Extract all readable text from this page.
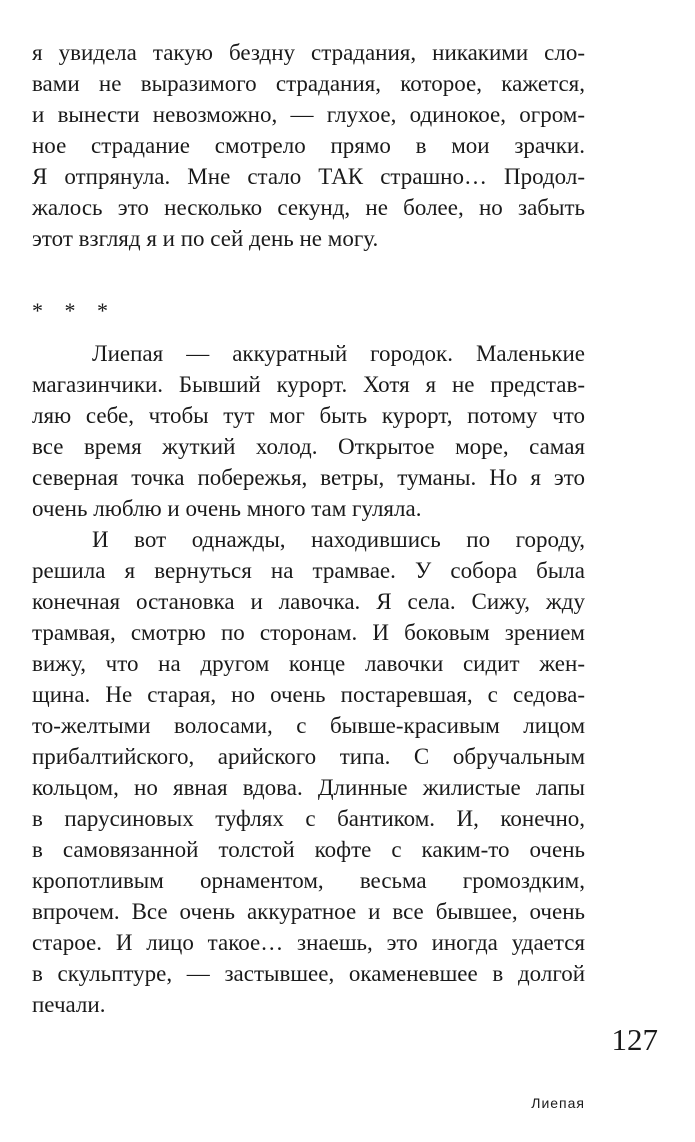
я увидела такую бездну страдания, никакими сло-
вами не выразимого страдания, которое, кажется,
и вынести невозможно, — глухое, одинокое, огром-
ное страдание смотрело прямо в мои зрачки.
Я отпрянула. Мне стало ТАК страшно… Продол-
жалось это несколько секунд, не более, но забыть
этот взгляд я и по сей день не могу.
* * *
Лиепая — аккуратный городок. Маленькие
магазинчики. Бывший курорт. Хотя я не представ-
ляю себе, чтобы тут мог быть курорт, потому что
все время жуткий холод. Открытое море, самая
северная точка побережья, ветры, туманы. Но я это
очень люблю и очень много там гуляла.
И вот однажды, находившись по городу,
решила я вернуться на трамвае. У собора была
конечная остановка и лавочка. Я села. Сижу, жду
трамвая, смотрю по сторонам. И боковым зрением
вижу, что на другом конце лавочки сидит жен-
щина. Не старая, но очень постаревшая, с седова-
то-желтыми волосами, с бывше-красивым лицом
прибалтийского, арийского типа. С обручальным
кольцом, но явная вдова. Длинные жилистые лапы
в парусиновых туфлях с бантиком. И, конечно,
в самовязанной толстой кофте с каким-то очень
кропотливым орнаментом, весьма громоздким,
впрочем. Все очень аккуратное и все бывшее, очень
старое. И лицо такое… знаешь, это иногда удается
в скульптуре, — застывшее, окаменевшее в долгой
печали.
127
Лиепая
